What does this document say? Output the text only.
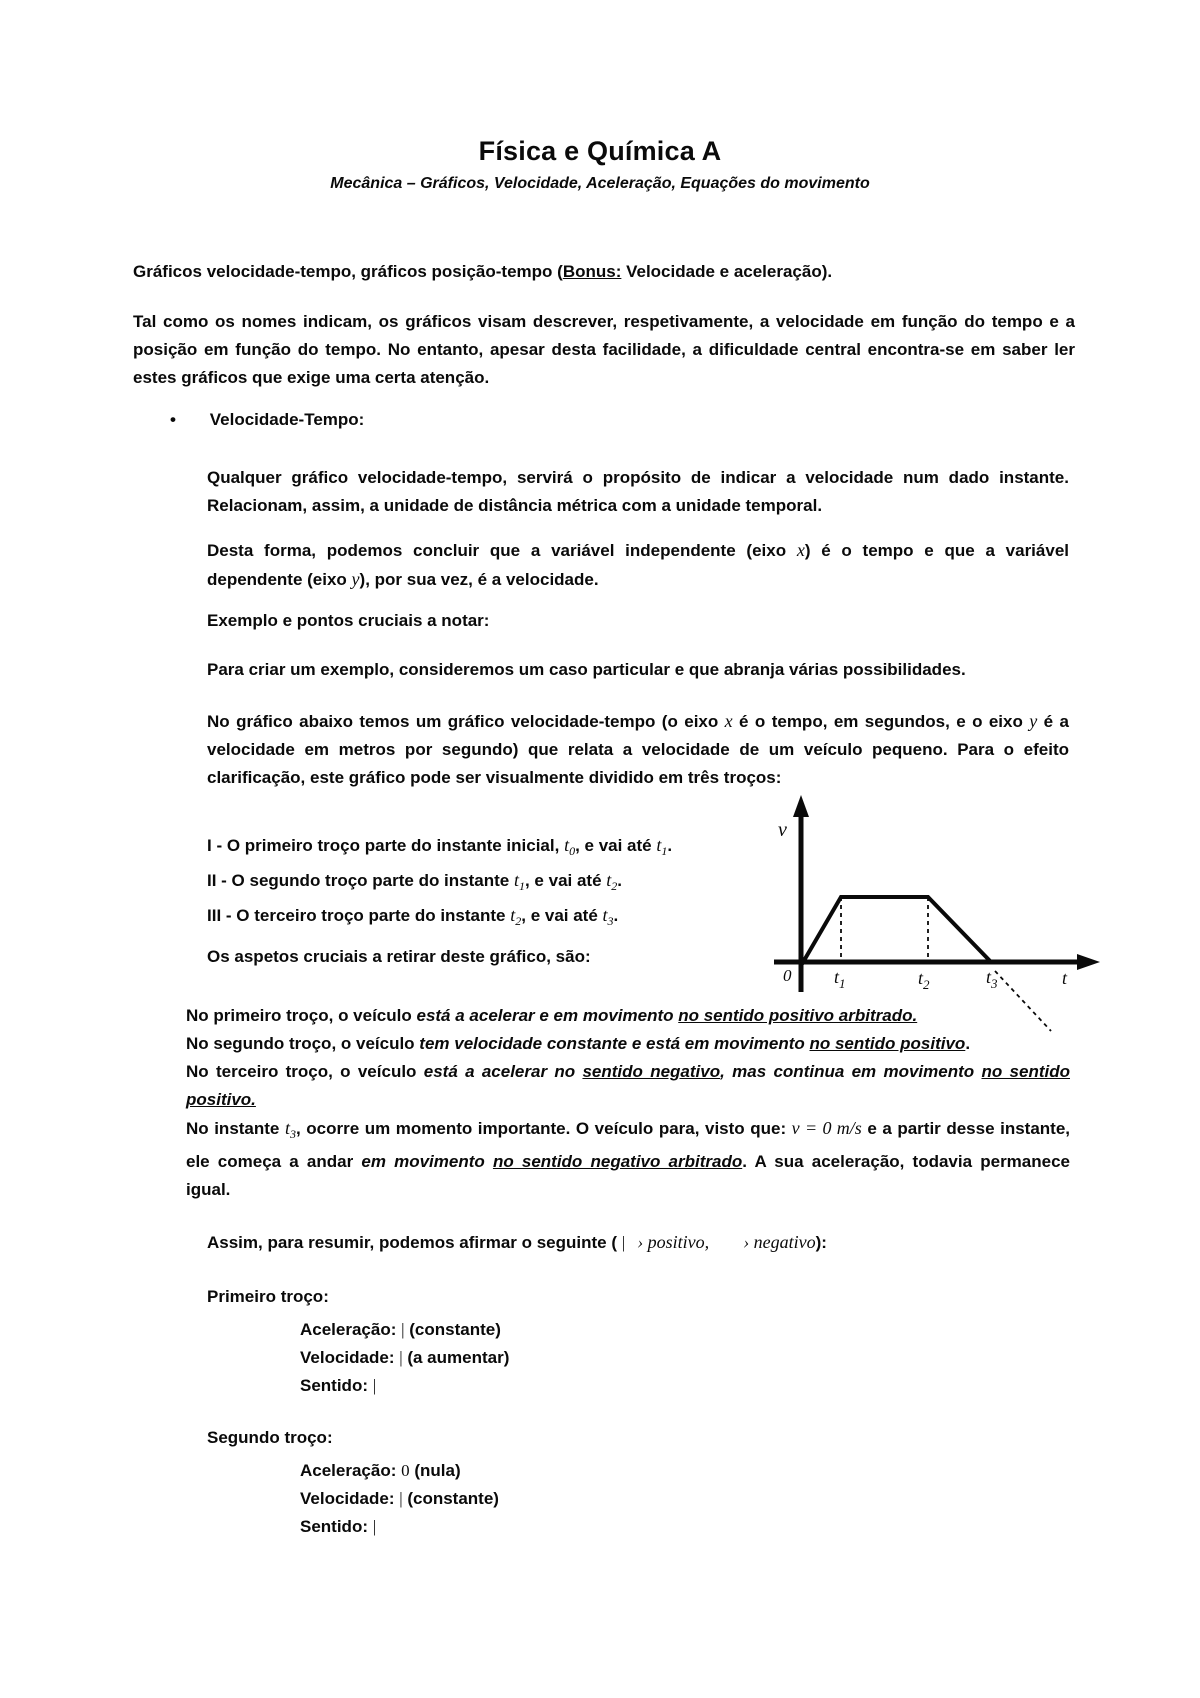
Física e Química A
Mecânica – Gráficos, Velocidade, Aceleração, Equações do movimento
Gráficos velocidade-tempo, gráficos posição-tempo (Bonus: Velocidade e aceleração).
Tal como os nomes indicam, os gráficos visam descrever, respetivamente, a velocidade em função do tempo e a posição em função do tempo. No entanto, apesar desta facilidade, a dificuldade central encontra-se em saber ler estes gráficos que exige uma certa atenção.
• Velocidade-Tempo:
Qualquer gráfico velocidade-tempo, servirá o propósito de indicar a velocidade num dado instante. Relacionam, assim, a unidade de distância métrica com a unidade temporal.
Desta forma, podemos concluir que a variável independente (eixo x) é o tempo e que a variável dependente (eixo y), por sua vez, é a velocidade.
Exemplo e pontos cruciais a notar:
Para criar um exemplo, consideremos um caso particular e que abranja várias possibilidades.
No gráfico abaixo temos um gráfico velocidade-tempo (o eixo x é o tempo, em segundos, e o eixo y é a velocidade em metros por segundo) que relata a velocidade de um veículo pequeno. Para o efeito clarificação, este gráfico pode ser visualmente dividido em três troços:
I - O primeiro troço parte do instante inicial, $t_0$, e vai até $t_1$.
II - O segundo troço parte do instante $t_1$, e vai até $t_2$.
III - O terceiro troço parte do instante $t_2$, e vai até $t_3$.
v
0 $t_1$	$t_2$	$t_3$	t
Os aspetos cruciais a retirar deste gráfico, são:

No primeiro troço, o veículo está a acelerar e em movimento no sentido positivo arbitrado.

No segundo troço, o veículo tem velocidade constante e está em movimento no sentido positivo.

No terceiro troço, o veículo está a acelerar no sentido negativo, mas continua em movimento no sentido positivo.

No instante $t_3$, ocorre um momento importante. O veículo para, visto que: v = 0 m/s e a partir desse instante, ele começa a andar em movimento no sentido negativo arbitrado. A sua aceleração, todavia permanece igual.

Assim, para resumir, podemos afirmar o seguinte ( | › positivo, › negativo):
Primeiro troço:
Aceleração: | (constante)
Velocidade: | (a aumentar)
Sentido: |
Segundo troço:
Aceleração: 0 (nula)
Velocidade: | (constante)
Sentido: |
